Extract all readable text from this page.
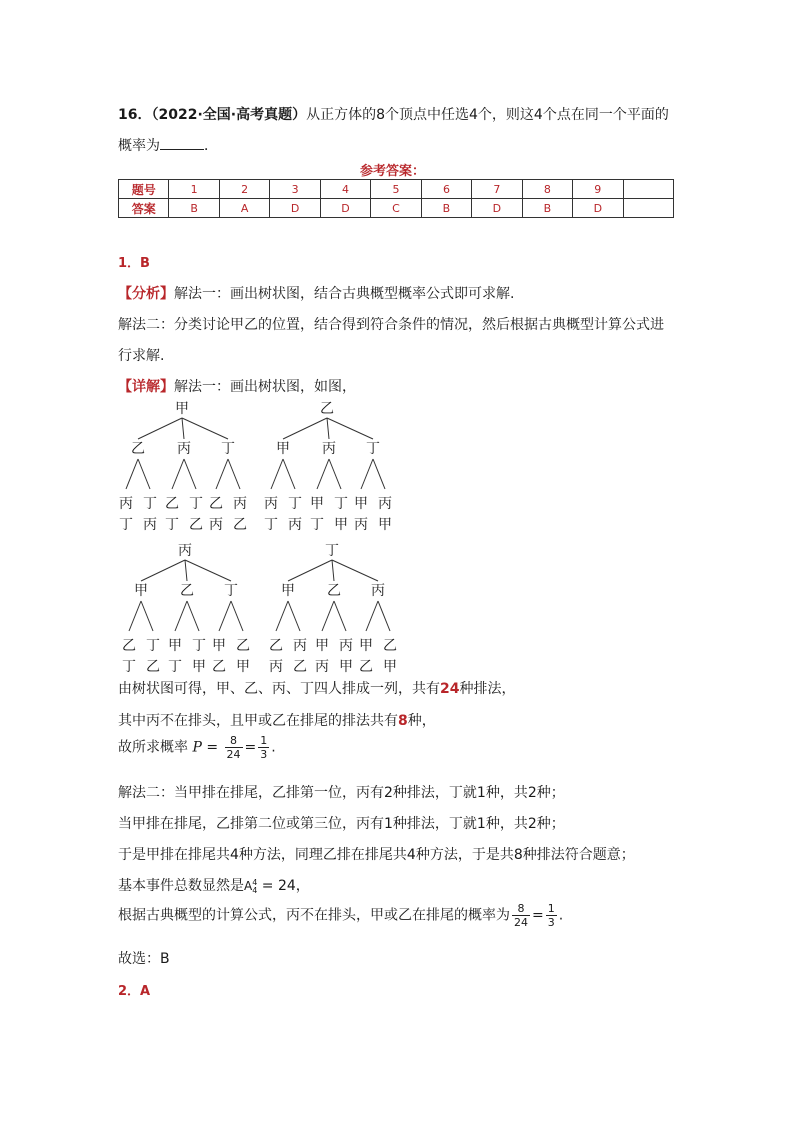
16．（2022·全国·高考真题）从正方体的8个顶点中任选4个，则这4个点在同一个平面的
概率为	．
参考答案：
题号	1	2	3	4	5	6	7	8	9	
答案	B	A	D	D	C	B	D	B	D	
1．B
【分析】解法一：画出树状图，结合古典概型概率公式即可求解.
解法二：分类讨论甲乙的位置，结合得到符合条件的情况，然后根据古典概型计算公式进
行求解.
【详解】解法一：画出树状图，如图，
甲
乙
丙
丁
丁
丙
丙
乙
丁
丁
乙
丁
乙
丙
丙
乙
乙
甲
丙
丁
丁
丙
丙
甲
丁
丁
甲
丁
甲
丙
丙
甲
丙
甲
乙
丁
丁
乙
乙
甲
丁
丁
甲
丁
甲
乙
乙
甲
丁
甲
乙
丙
丙
乙
乙
甲
丙
丙
甲
丙
甲
乙
乙
甲
由树状图可得，甲、乙、丙、丁四人排成一列，共有24种排法，
其中丙不在排头，且甲或乙在排尾的排法共有8种，
故所求概率 $P = \frac{8}{24} = \frac{1}{3}$ .
解法二：当甲排在排尾，乙排第一位，丙有2种排法，丁就1种，共2种；
当甲排在排尾，乙排第二位或第三位，丙有1种排法，丁就1种，共2种；
于是甲排在排尾共4种方法，同理乙排在排尾共4种方法，于是共8种排法符合题意；
基本事件总数显然是A 4
4 = 24，
根据古典概型的计算公式，丙不在排头，甲或乙在排尾的概率为 $\frac{8}{24} = \frac{1}{3}$ .
故选：B
2．A
